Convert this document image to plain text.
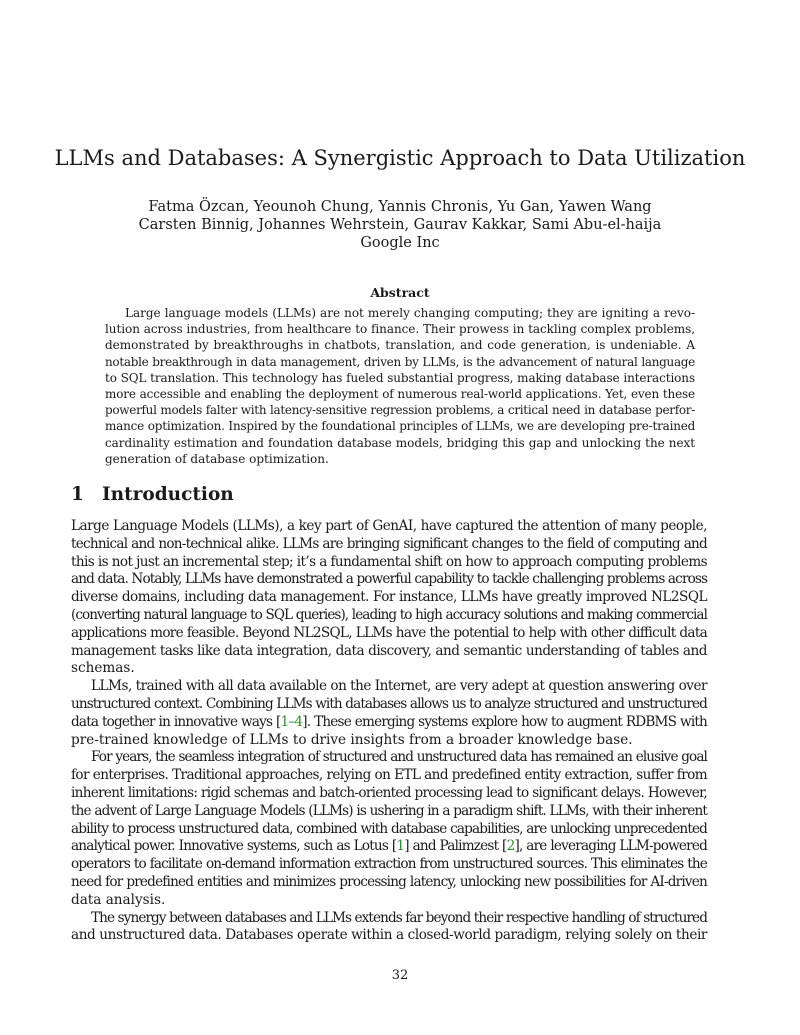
LLMs and Databases: A Synergistic Approach to Data Utilization
Fatma Özcan, Yeounoh Chung, Yannis Chronis, Yu Gan, Yawen Wang
Carsten Binnig, Johannes Wehrstein, Gaurav Kakkar, Sami Abu-el-haija
Google Inc
Abstract
Large language models (LLMs) are not merely changing computing; they are igniting a revo-
lution across industries, from healthcare to finance. Their prowess in tackling complex problems,
demonstrated by breakthroughs in chatbots, translation, and code generation, is undeniable. A
notable breakthrough in data management, driven by LLMs, is the advancement of natural language
to SQL translation. This technology has fueled substantial progress, making database interactions
more accessible and enabling the deployment of numerous real-world applications. Yet, even these
powerful models falter with latency-sensitive regression problems, a critical need in database perfor-
mance optimization. Inspired by the foundational principles of LLMs, we are developing pre-trained
cardinality estimation and foundation database models, bridging this gap and unlocking the next
generation of database optimization.
1 Introduction
Large Language Models (LLMs), a key part of GenAI, have captured the attention of many people,
technical and non-technical alike. LLMs are bringing significant changes to the field of computing and
this is not just an incremental step; it’s a fundamental shift on how to approach computing problems
and data. Notably, LLMs have demonstrated a powerful capability to tackle challenging problems across
diverse domains, including data management. For instance, LLMs have greatly improved NL2SQL
(converting natural language to SQL queries), leading to high accuracy solutions and making commercial
applications more feasible. Beyond NL2SQL, LLMs have the potential to help with other difficult data
management tasks like data integration, data discovery, and semantic understanding of tables and
schemas.
LLMs, trained with all data available on the Internet, are very adept at question answering over
unstructured context. Combining LLMs with databases allows us to analyze structured and unstructured
data together in innovative ways [1–4]. These emerging systems explore how to augment RDBMS with
pre-trained knowledge of LLMs to drive insights from a broader knowledge base.
For years, the seamless integration of structured and unstructured data has remained an elusive goal
for enterprises. Traditional approaches, relying on ETL and predefined entity extraction, suffer from
inherent limitations: rigid schemas and batch-oriented processing lead to significant delays. However,
the advent of Large Language Models (LLMs) is ushering in a paradigm shift. LLMs, with their inherent
ability to process unstructured data, combined with database capabilities, are unlocking unprecedented
analytical power. Innovative systems, such as Lotus [1] and Palimzest [2], are leveraging LLM-powered
operators to facilitate on-demand information extraction from unstructured sources. This eliminates the
need for predefined entities and minimizes processing latency, unlocking new possibilities for AI-driven
data analysis.
The synergy between databases and LLMs extends far beyond their respective handling of structured
and unstructured data. Databases operate within a closed-world paradigm, relying solely on their
32
